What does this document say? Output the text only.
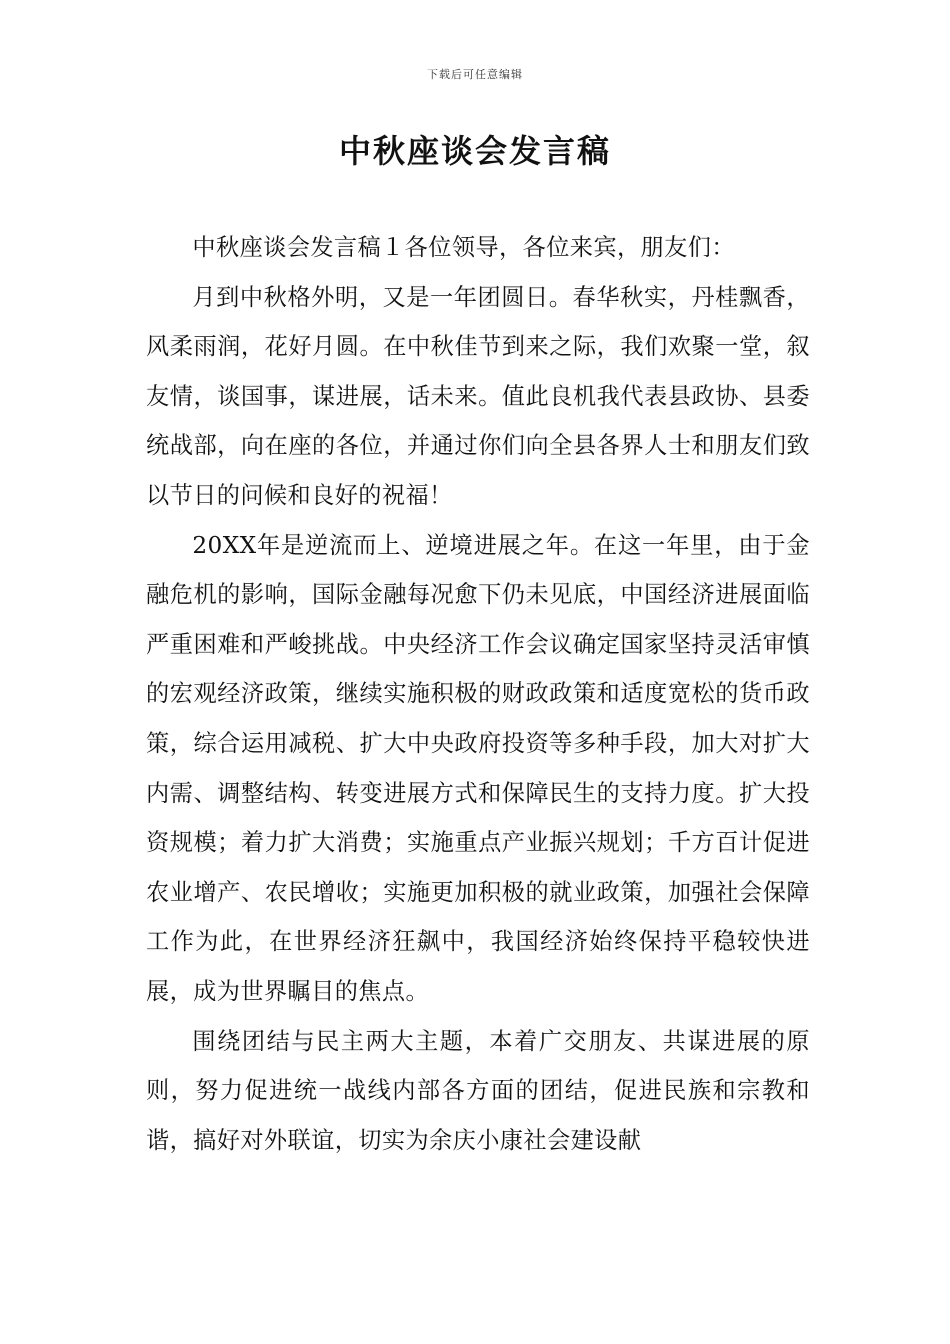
下载后可任意编辑
中秋座谈会发言稿

中秋座谈会发言稿１各位领导，各位来宾，朋友们：

月到中秋格外明，又是一年团圆日。春华秋实，丹桂飘香，风柔雨润，花好月圆。在中秋佳节到来之际，我们欢聚一堂，叙友情，谈国事，谋进展，话未来。值此良机我代表县政协、县委统战部，向在座的各位，并通过你们向全县各界人士和朋友们致以节日的问候和良好的祝福！

20XX年是逆流而上、逆境进展之年。在这一年里，由于金融危机的影响，国际金融每况愈下仍未见底，中国经济进展面临严重困难和严峻挑战。中央经济工作会议确定国家坚持灵活审慎的宏观经济政策，继续实施积极的财政政策和适度宽松的货币政策，综合运用减税、扩大中央政府投资等多种手段，加大对扩大内需、调整结构、转变进展方式和保障民生的支持力度。扩大投资规模；着力扩大消费；实施重点产业振兴规划；千方百计促进农业增产、农民增收；实施更加积极的就业政策，加强社会保障工作为此，在世界经济狂飙中，我国经济始终保持平稳较快进展，成为世界瞩目的焦点。

围绕团结与民主两大主题，本着广交朋友、共谋进展的原则，努力促进统一战线内部各方面的团结，促进民族和宗教和谐，搞好对外联谊，切实为余庆小康社会建设献
